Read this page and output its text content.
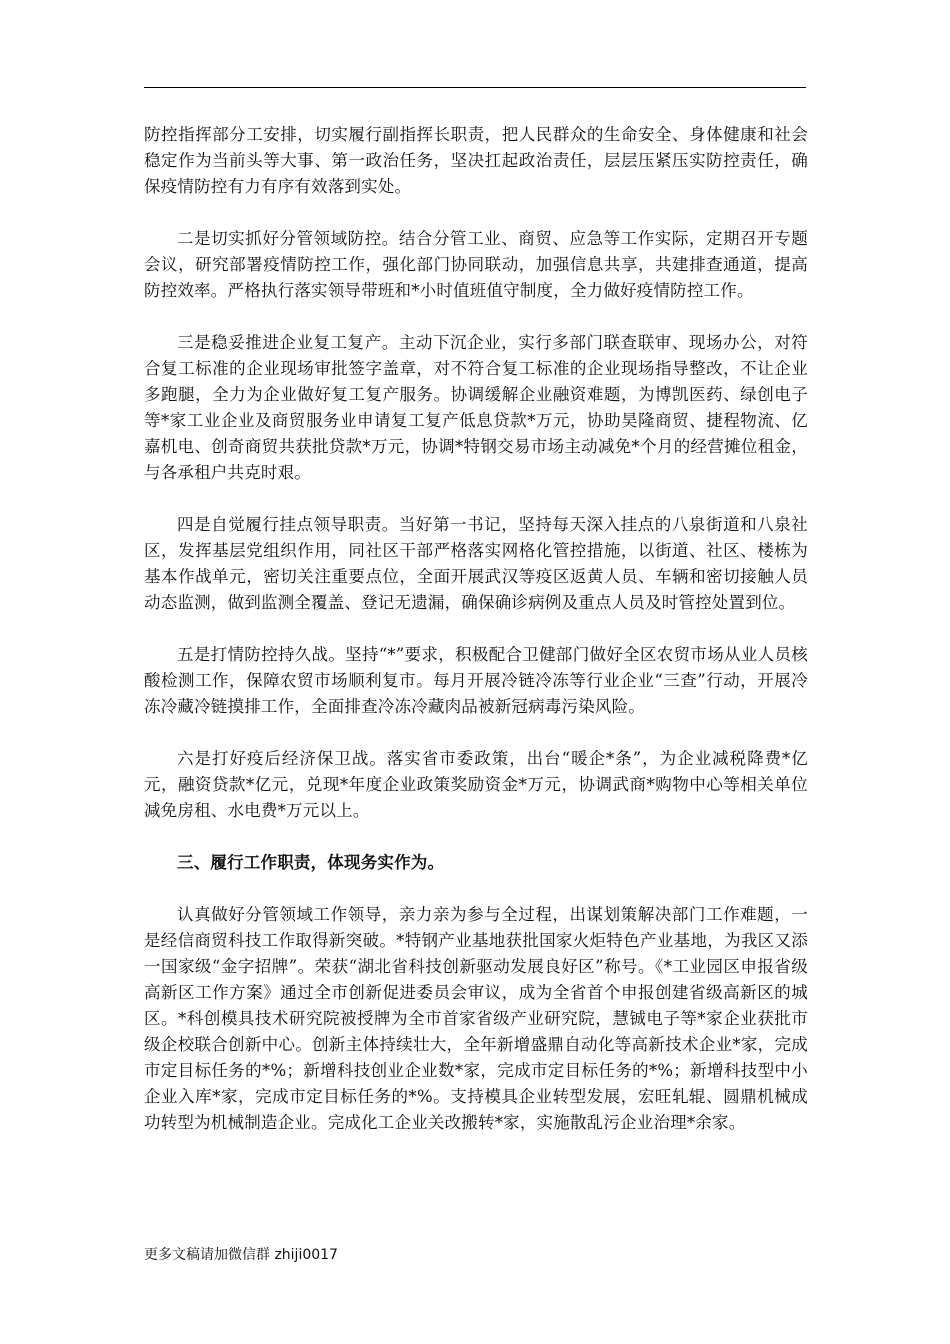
防控指挥部分工安排，切实履行副指挥长职责，把人民群众的生命安全、身体健康和社会稳定作为当前头等大事、第一政治任务，坚决扛起政治责任，层层压紧压实防控责任，确保疫情防控有力有序有效落到实处。

二是切实抓好分管领域防控。结合分管工业、商贸、应急等工作实际，定期召开专题会议，研究部署疫情防控工作，强化部门协同联动，加强信息共享，共建排查通道，提高防控效率。严格执行落实领导带班和*小时值班值守制度，全力做好疫情防控工作。

三是稳妥推进企业复工复产。主动下沉企业，实行多部门联查联审、现场办公，对符合复工标准的企业现场审批签字盖章，对不符合复工标准的企业现场指导整改，不让企业多跑腿，全力为企业做好复工复产服务。协调缓解企业融资难题，为博凯医药、绿创电子等*家工业企业及商贸服务业申请复工复产低息贷款*万元，协助昊隆商贸、捷程物流、亿嘉机电、创奇商贸共获批贷款*万元，协调*特钢交易市场主动减免*个月的经营摊位租金，与各承租户共克时艰。

四是自觉履行挂点领导职责。当好第一书记，坚持每天深入挂点的八泉街道和八泉社区，发挥基层党组织作用，同社区干部严格落实网格化管控措施，以街道、社区、楼栋为基本作战单元，密切关注重要点位，全面开展武汉等疫区返黄人员、车辆和密切接触人员动态监测，做到监测全覆盖、登记无遗漏，确保确诊病例及重点人员及时管控处置到位。

五是打情防控持久战。坚持“*”要求，积极配合卫健部门做好全区农贸市场从业人员核酸检测工作，保障农贸市场顺利复市。每月开展冷链冷冻等行业企业“三查”行动，开展冷冻冷藏冷链摸排工作，全面排查冷冻冷藏肉品被新冠病毒污染风险。

六是打好疫后经济保卫战。落实省市委政策，出台“暖企*条”，为企业减税降费*亿元，融资贷款*亿元，兑现*年度企业政策奖励资金*万元，协调武商*购物中心等相关单位减免房租、水电费*万元以上。

三、履行工作职责，体现务实作为。

认真做好分管领域工作领导，亲力亲为参与全过程，出谋划策解决部门工作难题，一是经信商贸科技工作取得新突破。*特钢产业基地获批国家火炬特色产业基地，为我区又添一国家级“金字招牌”。荣获“湖北省科技创新驱动发展良好区”称号。《*工业园区申报省级高新区工作方案》通过全市创新促进委员会审议，成为全省首个申报创建省级高新区的城区。*科创模具技术研究院被授牌为全市首家省级产业研究院，慧铖电子等*家企业获批市级企校联合创新中心。创新主体持续壮大，全年新增盛鼎自动化等高新技术企业*家，完成市定目标任务的*%；新增科技创业企业数*家，完成市定目标任务的*%；新增科技型中小企业入库*家，完成市定目标任务的*%。支持模具企业转型发展，宏旺轧辊、圆鼎机械成功转型为机械制造企业。完成化工企业关改搬转*家，实施散乱污企业治理*余家。

更多文稿请加微信群 zhiji0017
